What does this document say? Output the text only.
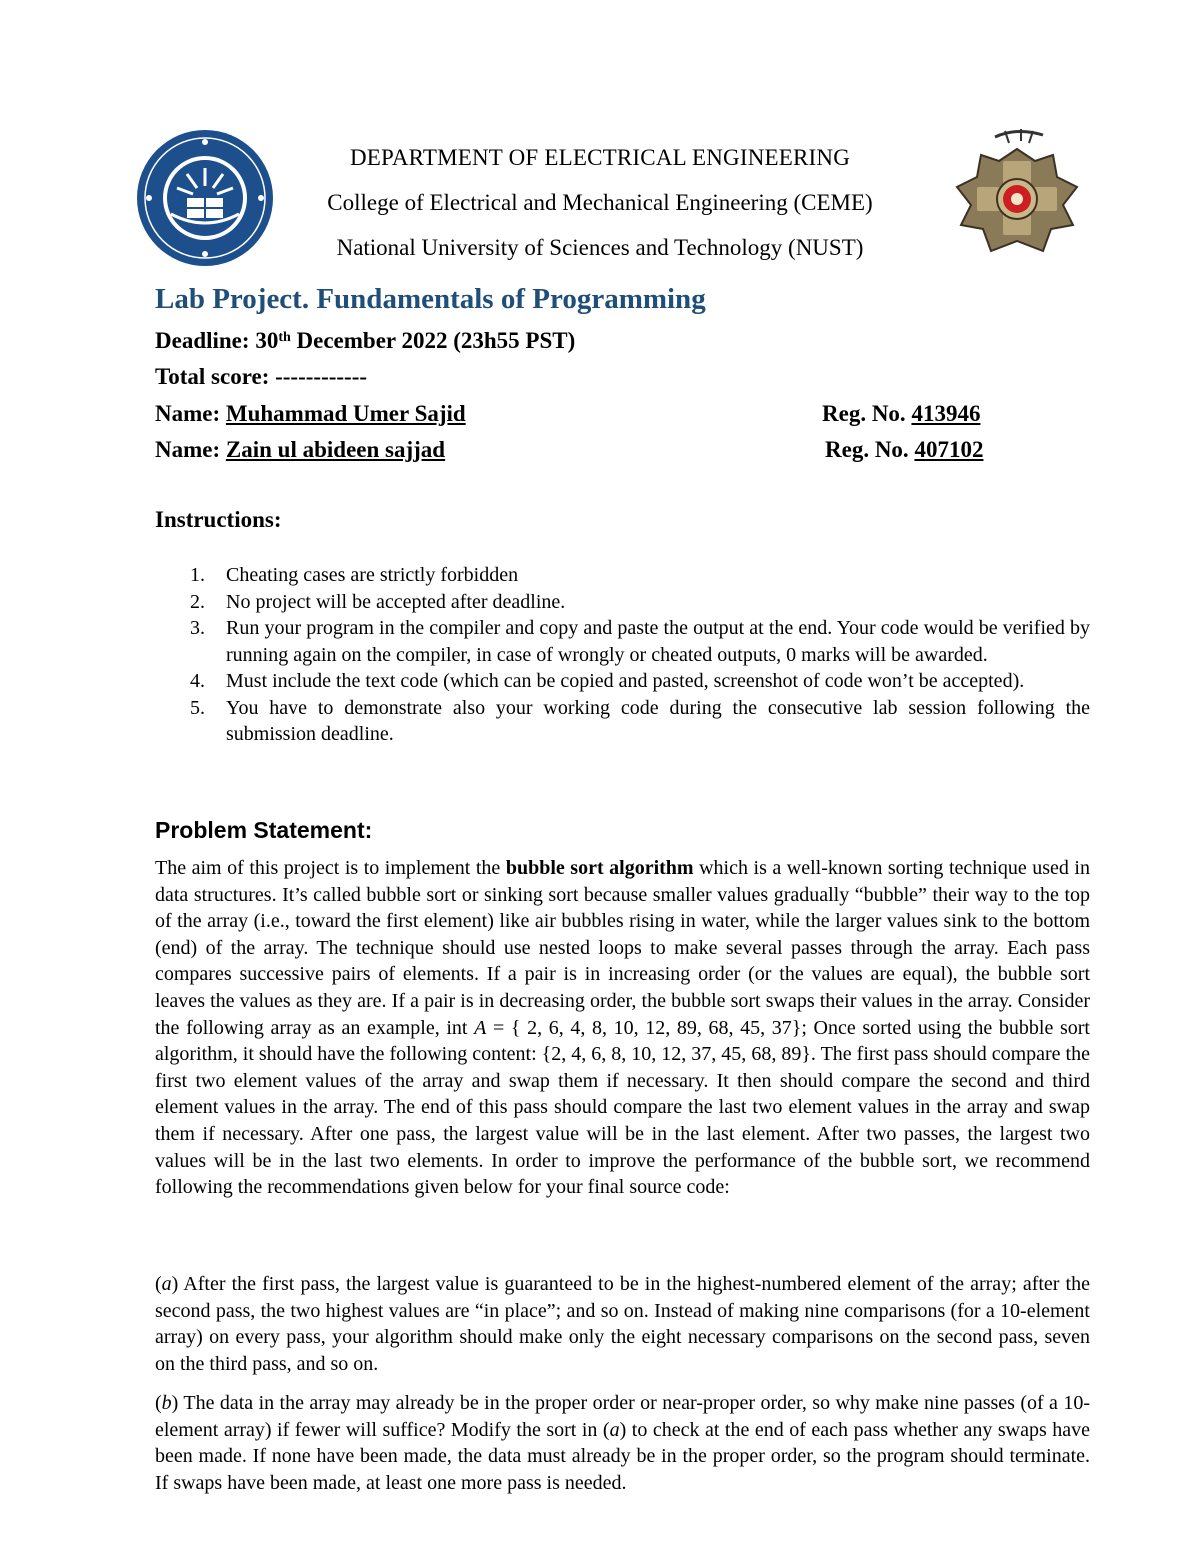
DEPARTMENT OF ELECTRICAL ENGINEERING
College of Electrical and Mechanical Engineering (CEME)
National University of Sciences and Technology (NUST)
Lab Project. Fundamentals of Programming
Deadline: 30th December 2022 (23h55 PST)
Total score: ------------
Name: Muhammad Umer Sajid	Reg. No. 413946
Name: Zain ul abideen sajjad	Reg. No. 407102
Instructions:
1. Cheating cases are strictly forbidden
2. No project will be accepted after deadline.
3. Run your program in the compiler and copy and paste the output at the end. Your code would be verified by running again on the compiler, in case of wrongly or cheated outputs, 0 marks will be awarded.
4. Must include the text code (which can be copied and pasted, screenshot of code won’t be accepted).
5. You have to demonstrate also your working code during the consecutive lab session following the submission deadline.
Problem Statement:
The aim of this project is to implement the bubble sort algorithm which is a well-known sorting technique used in data structures. It’s called bubble sort or sinking sort because smaller values gradually “bubble” their way to the top of the array (i.e., toward the first element) like air bubbles rising in water, while the larger values sink to the bottom (end) of the array. The technique should use nested loops to make several passes through the array. Each pass compares successive pairs of elements. If a pair is in increasing order (or the values are equal), the bubble sort leaves the values as they are. If a pair is in decreasing order, the bubble sort swaps their values in the array. Consider the following array as an example, int A = { 2, 6, 4, 8, 10, 12, 89, 68, 45, 37}; Once sorted using the bubble sort algorithm, it should have the following content: {2, 4, 6, 8, 10, 12, 37, 45, 68, 89}. The first pass should compare the first two element values of the array and swap them if necessary. It then should compare the second and third element values in the array. The end of this pass should compare the last two element values in the array and swap them if necessary. After one pass, the largest value will be in the last element. After two passes, the largest two values will be in the last two elements. In order to improve the performance of the bubble sort, we recommend following the recommendations given below for your final source code:
(a) After the first pass, the largest value is guaranteed to be in the highest-numbered element of the array; after the second pass, the two highest values are “in place”; and so on. Instead of making nine comparisons (for a 10-element array) on every pass, your algorithm should make only the eight necessary comparisons on the second pass, seven on the third pass, and so on.
(b) The data in the array may already be in the proper order or near-proper order, so why make nine passes (of a 10-element array) if fewer will suffice? Modify the sort in (a) to check at the end of each pass whether any swaps have been made. If none have been made, the data must already be in the proper order, so the program should terminate. If swaps have been made, at least one more pass is needed.
